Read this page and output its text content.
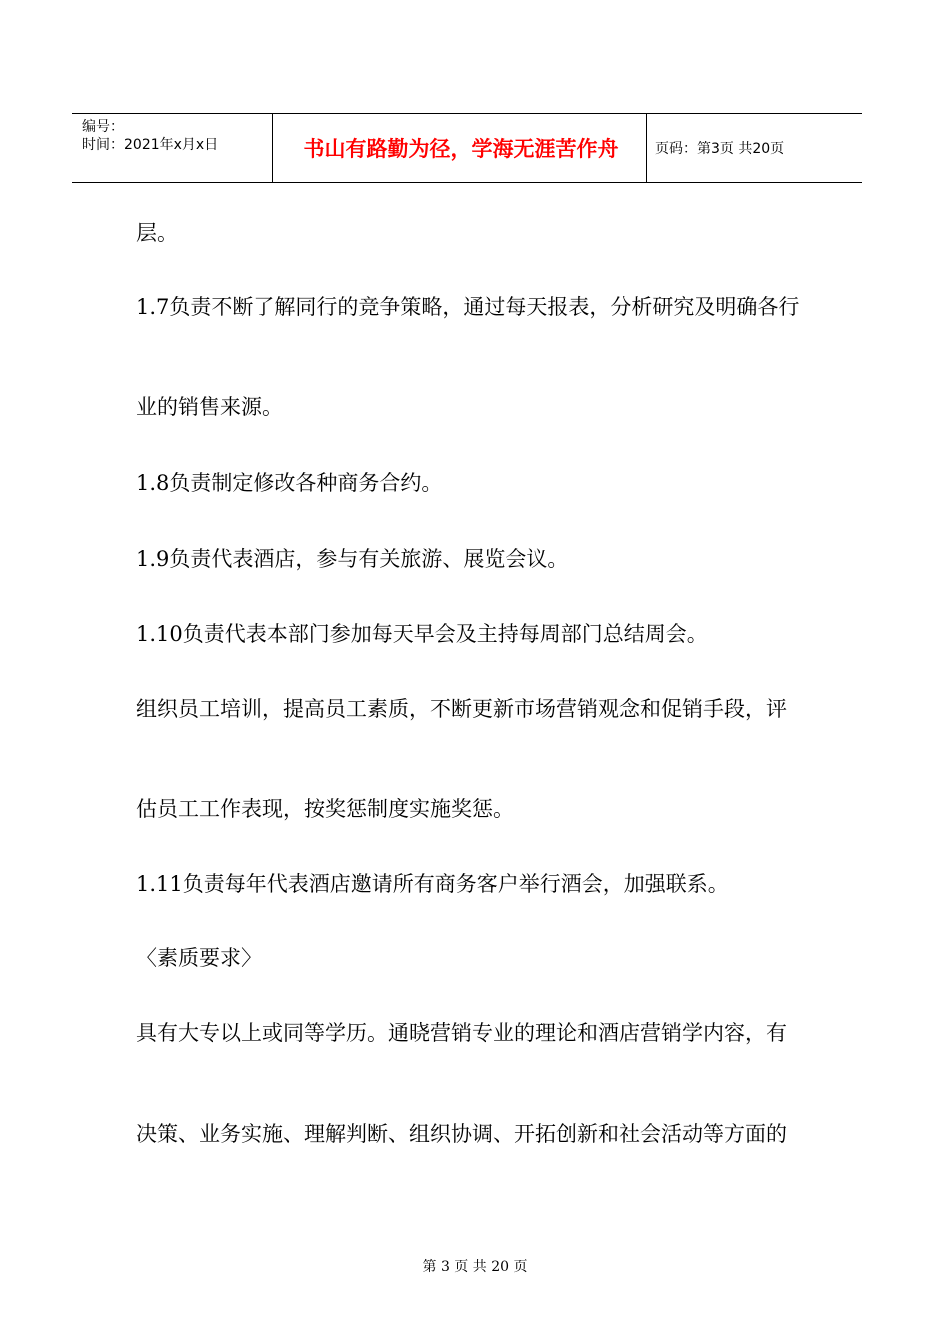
编号：
时间：2021年x月x日	书山有路勤为径，学海无涯苦作舟	页码：第3页 共20页
层。
1.7负责不断了解同行的竞争策略，通过每天报表，分析研究及明确各行
业的销售来源。
1.8负责制定修改各种商务合约。
1.9负责代表酒店，参与有关旅游、展览会议。
1.10负责代表本部门参加每天早会及主持每周部门总结周会。
组织员工培训，提高员工素质，不断更新市场营销观念和促销手段，评
估员工工作表现，按奖惩制度实施奖惩。
1.11负责每年代表酒店邀请所有商务客户举行酒会，加强联系。
〈素质要求〉
具有大专以上或同等学历。通晓营销专业的理论和酒店营销学内容，有
决策、业务实施、理解判断、组织协调、开拓创新和社会活动等方面的
第 3 页 共 20 页
